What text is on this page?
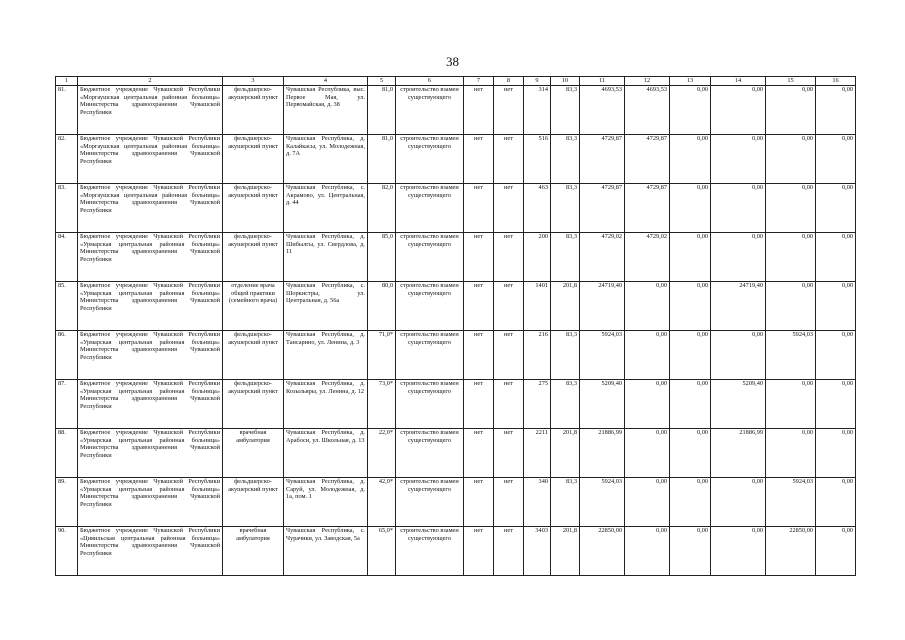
38
1	2	3	4	5	6	7	8	9	10	11	12	13	14	15	16
81.	Бюджетное учреждение Чувашской Республики «Моргаушская центральная районная больница» Министерства здравоохранения Чувашской Республики	фельдшерско-акушерский пункт	Чувашская Республика, выс. Первое Мая, ул. Первомайская, д. 38	81,0	строительство взамен существующего	нет	нет	314	83,3	4693,53	4693,53	0,00	0,00	0,00	0,00
82.	Бюджетное учреждение Чувашской Республики «Моргаушская центральная районная больница» Министерства здравоохранения Чувашской Республики	фельдшерско-акушерский пункт	Чувашская Республика, д. Калайкасы, ул. Молодежная, д. 7А	81,0	строительство взамен существующего	нет	нет	516	83,3	4729,87	4729,87	0,00	0,00	0,00	0,00
83.	Бюджетное учреждение Чувашской Республики «Моргаушская центральная районная больница» Министерства здравоохранения Чувашской Республики	фельдшерско-акушерский пункт	Чувашская Республика, с. Акрамово, ул. Центральная, д. 44	82,0	строительство взамен существующего	нет	нет	463	83,3	4729,87	4729,87	0,00	0,00	0,00	0,00
84.	Бюджетное учреждение Чувашской Республики «Урмарская центральная районная больница» Министерства здравоохранения Чувашской Республики	фельдшерско-акушерский пункт	Чувашская Республика, д. Шибылгы, ул. Свердлова, д. 11	85,0	строительство взамен существующего	нет	нет	200	83,3	4729,02	4729,02	0,00	0,00	0,00	0,00
85.	Бюджетное учреждение Чувашской Республики «Урмарская центральная районная больница» Министерства здравоохранения Чувашской Республики	отделение врача общей практики (семейного врача)	Чувашская Республика, с. Шоркистры, ул. Центральная, д. 56а	80,0	строительство взамен существующего	нет	нет	1401	201,8	24719,40	0,00	0,00	24719,40	0,00	0,00
86.	Бюджетное учреждение Чувашской Республики «Урмарская центральная районная больница» Министерства здравоохранения Чувашской Республики	фельдшерско-акушерский пункт	Чувашская Республика, д. Тансарино, ул. Ленина, д. 3	71,0*	строительство взамен существующего	нет	нет	216	83,3	5924,03	0,00	0,00	0,00	5924,03	0,00
87.	Бюджетное учреждение Чувашской Республики «Урмарская центральная районная больница» Министерства здравоохранения Чувашской Республики	фельдшерско-акушерский пункт	Чувашская Республика, д. Козыльяры, ул. Ленина, д. 12	73,0*	строительство взамен существующего	нет	нет	275	83,3	5209,40	0,00	0,00	5209,40	0,00	0,00
88.	Бюджетное учреждение Чувашской Республики «Урмарская центральная районная больница» Министерства здравоохранения Чувашской Республики	врачебная амбулатория	Чувашская Республика, д. Арабоси, ул. Школьная, д. 13	22,0*	строительство взамен существующего	нет	нет	2211	201,8	21886,99	0,00	0,00	21886,99	0,00	0,00
89.	Бюджетное учреждение Чувашской Республики «Урмарская центральная районная больница» Министерства здравоохранения Чувашской Республики	фельдшерско-акушерский пункт	Чувашская Республика, д. Саруй, ул. Молодежная, д. 1а, пом. 1	42,0*	строительство взамен существующего	нет	нет	340	83,3	5924,03	0,00	0,00	0,00	5924,03	0,00
90.	Бюджетное учреждение Чувашской Республики «Цивильская центральная районная больница» Министерства здравоохранения Чувашской Республики	врачебная амбулатория	Чувашская Республика, с. Чурачики, ул. Заводская, 5а	65,0*	строительство взамен существующего	нет	нет	3403	201,8	22850,00	0,00	0,00	0,00	22850,00	0,00
